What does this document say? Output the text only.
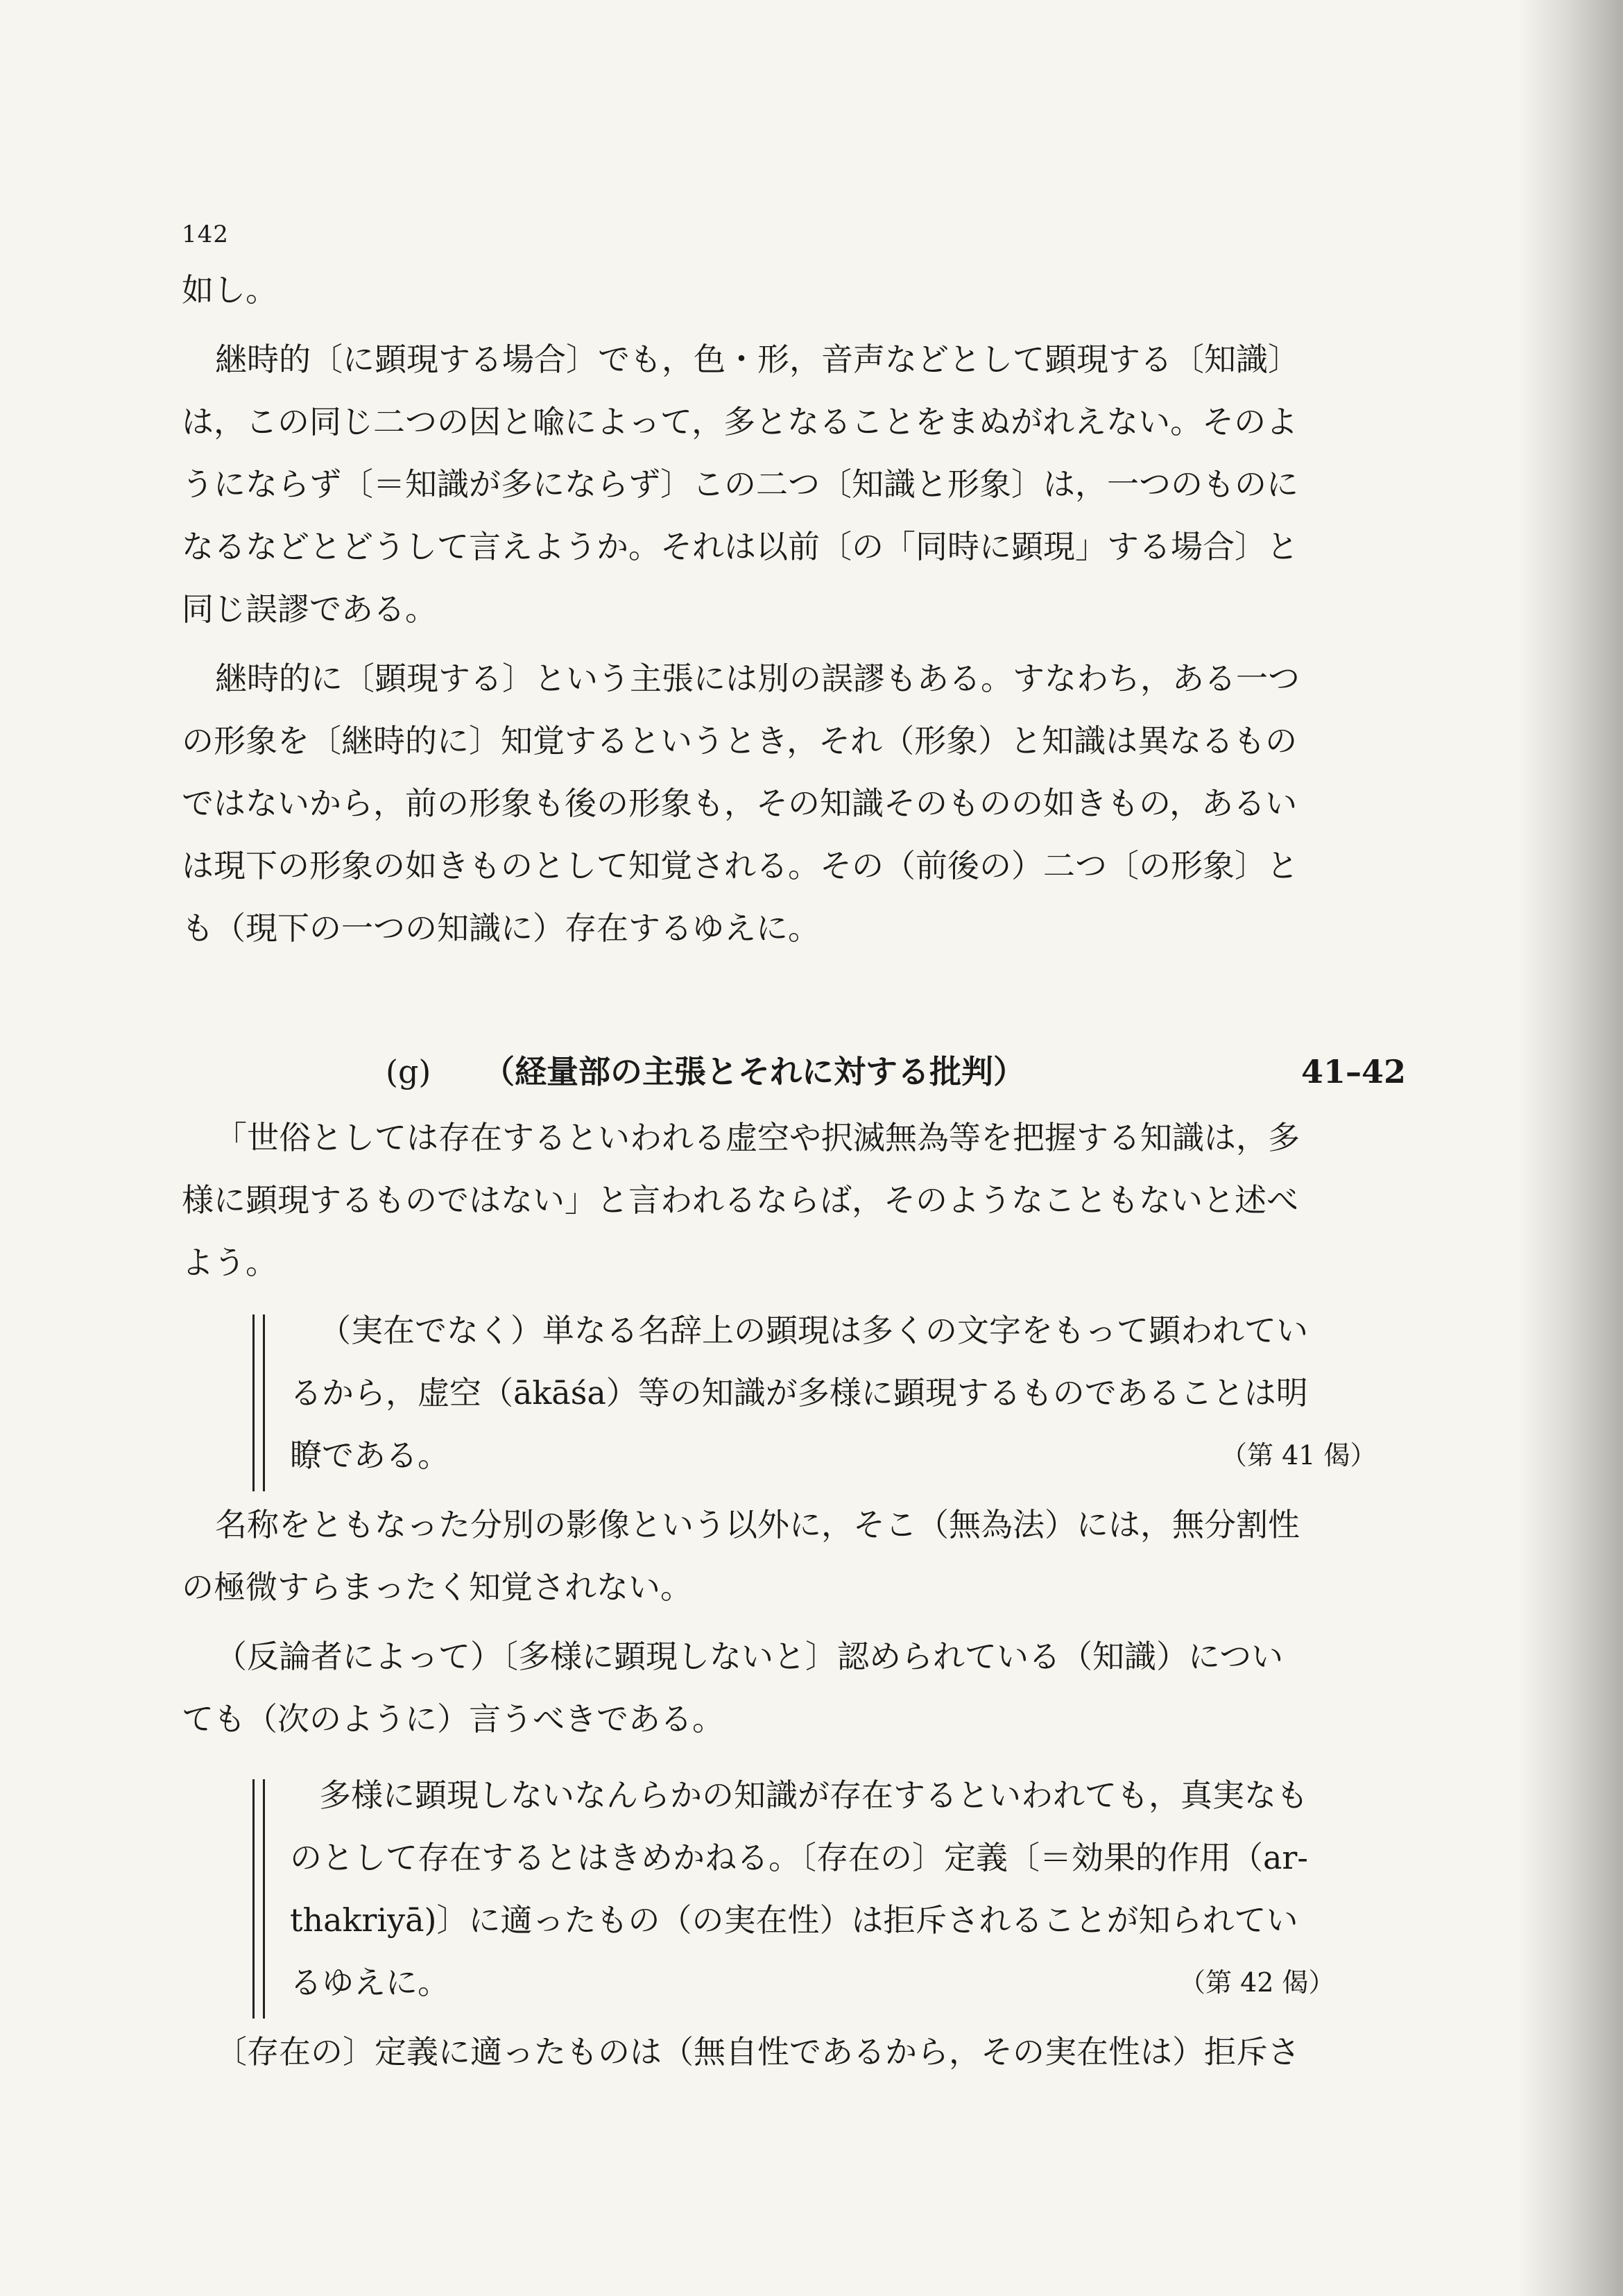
142
如し。
継時的〔に顕現する場合〕でも，色・形，音声などとして顕現する〔知識〕
は，この同じ二つの因と喩によって，多となることをまぬがれえない。そのよ
うにならず〔＝知識が多にならず〕この二つ〔知識と形象〕は，一つのものに
なるなどとどうして言えようか。それは以前〔の「同時に顕現」する場合〕と
同じ誤謬である。
継時的に〔顕現する〕という主張には別の誤謬もある。すなわち，ある一つ
の形象を〔継時的に〕知覚するというとき，それ（形象）と知識は異なるもの
ではないから，前の形象も後の形象も，その知識そのものの如きもの，あるい
は現下の形象の如きものとして知覚される。その（前後の）二つ〔の形象〕と
も（現下の一つの知識に）存在するゆえに。
(g) （経量部の主張とそれに対する批判）	41–42
「世俗としては存在するといわれる虚空や択滅無為等を把握する知識は，多
様に顕現するものではない」と言われるならば，そのようなこともないと述べ
よう。
（実在でなく）単なる名辞上の顕現は多くの文字をもって顕われてい
るから，虚空（ākāśa）等の知識が多様に顕現するものであることは明
瞭である。	（第 41 偈）
名称をともなった分別の影像という以外に，そこ（無為法）には，無分割性
の極微すらまったく知覚されない。
（反論者によって）〔多様に顕現しないと〕認められている（知識）につい
ても（次のように）言うべきである。
多様に顕現しないなんらかの知識が存在するといわれても，真実なも
のとして存在するとはきめかねる。〔存在の〕定義〔＝効果的作用（ar-
thakriyā)〕に適ったもの（の実在性）は拒斥されることが知られてい
るゆえに。	（第 42 偈）
〔存在の〕定義に適ったものは（無自性であるから，その実在性は）拒斥さ
